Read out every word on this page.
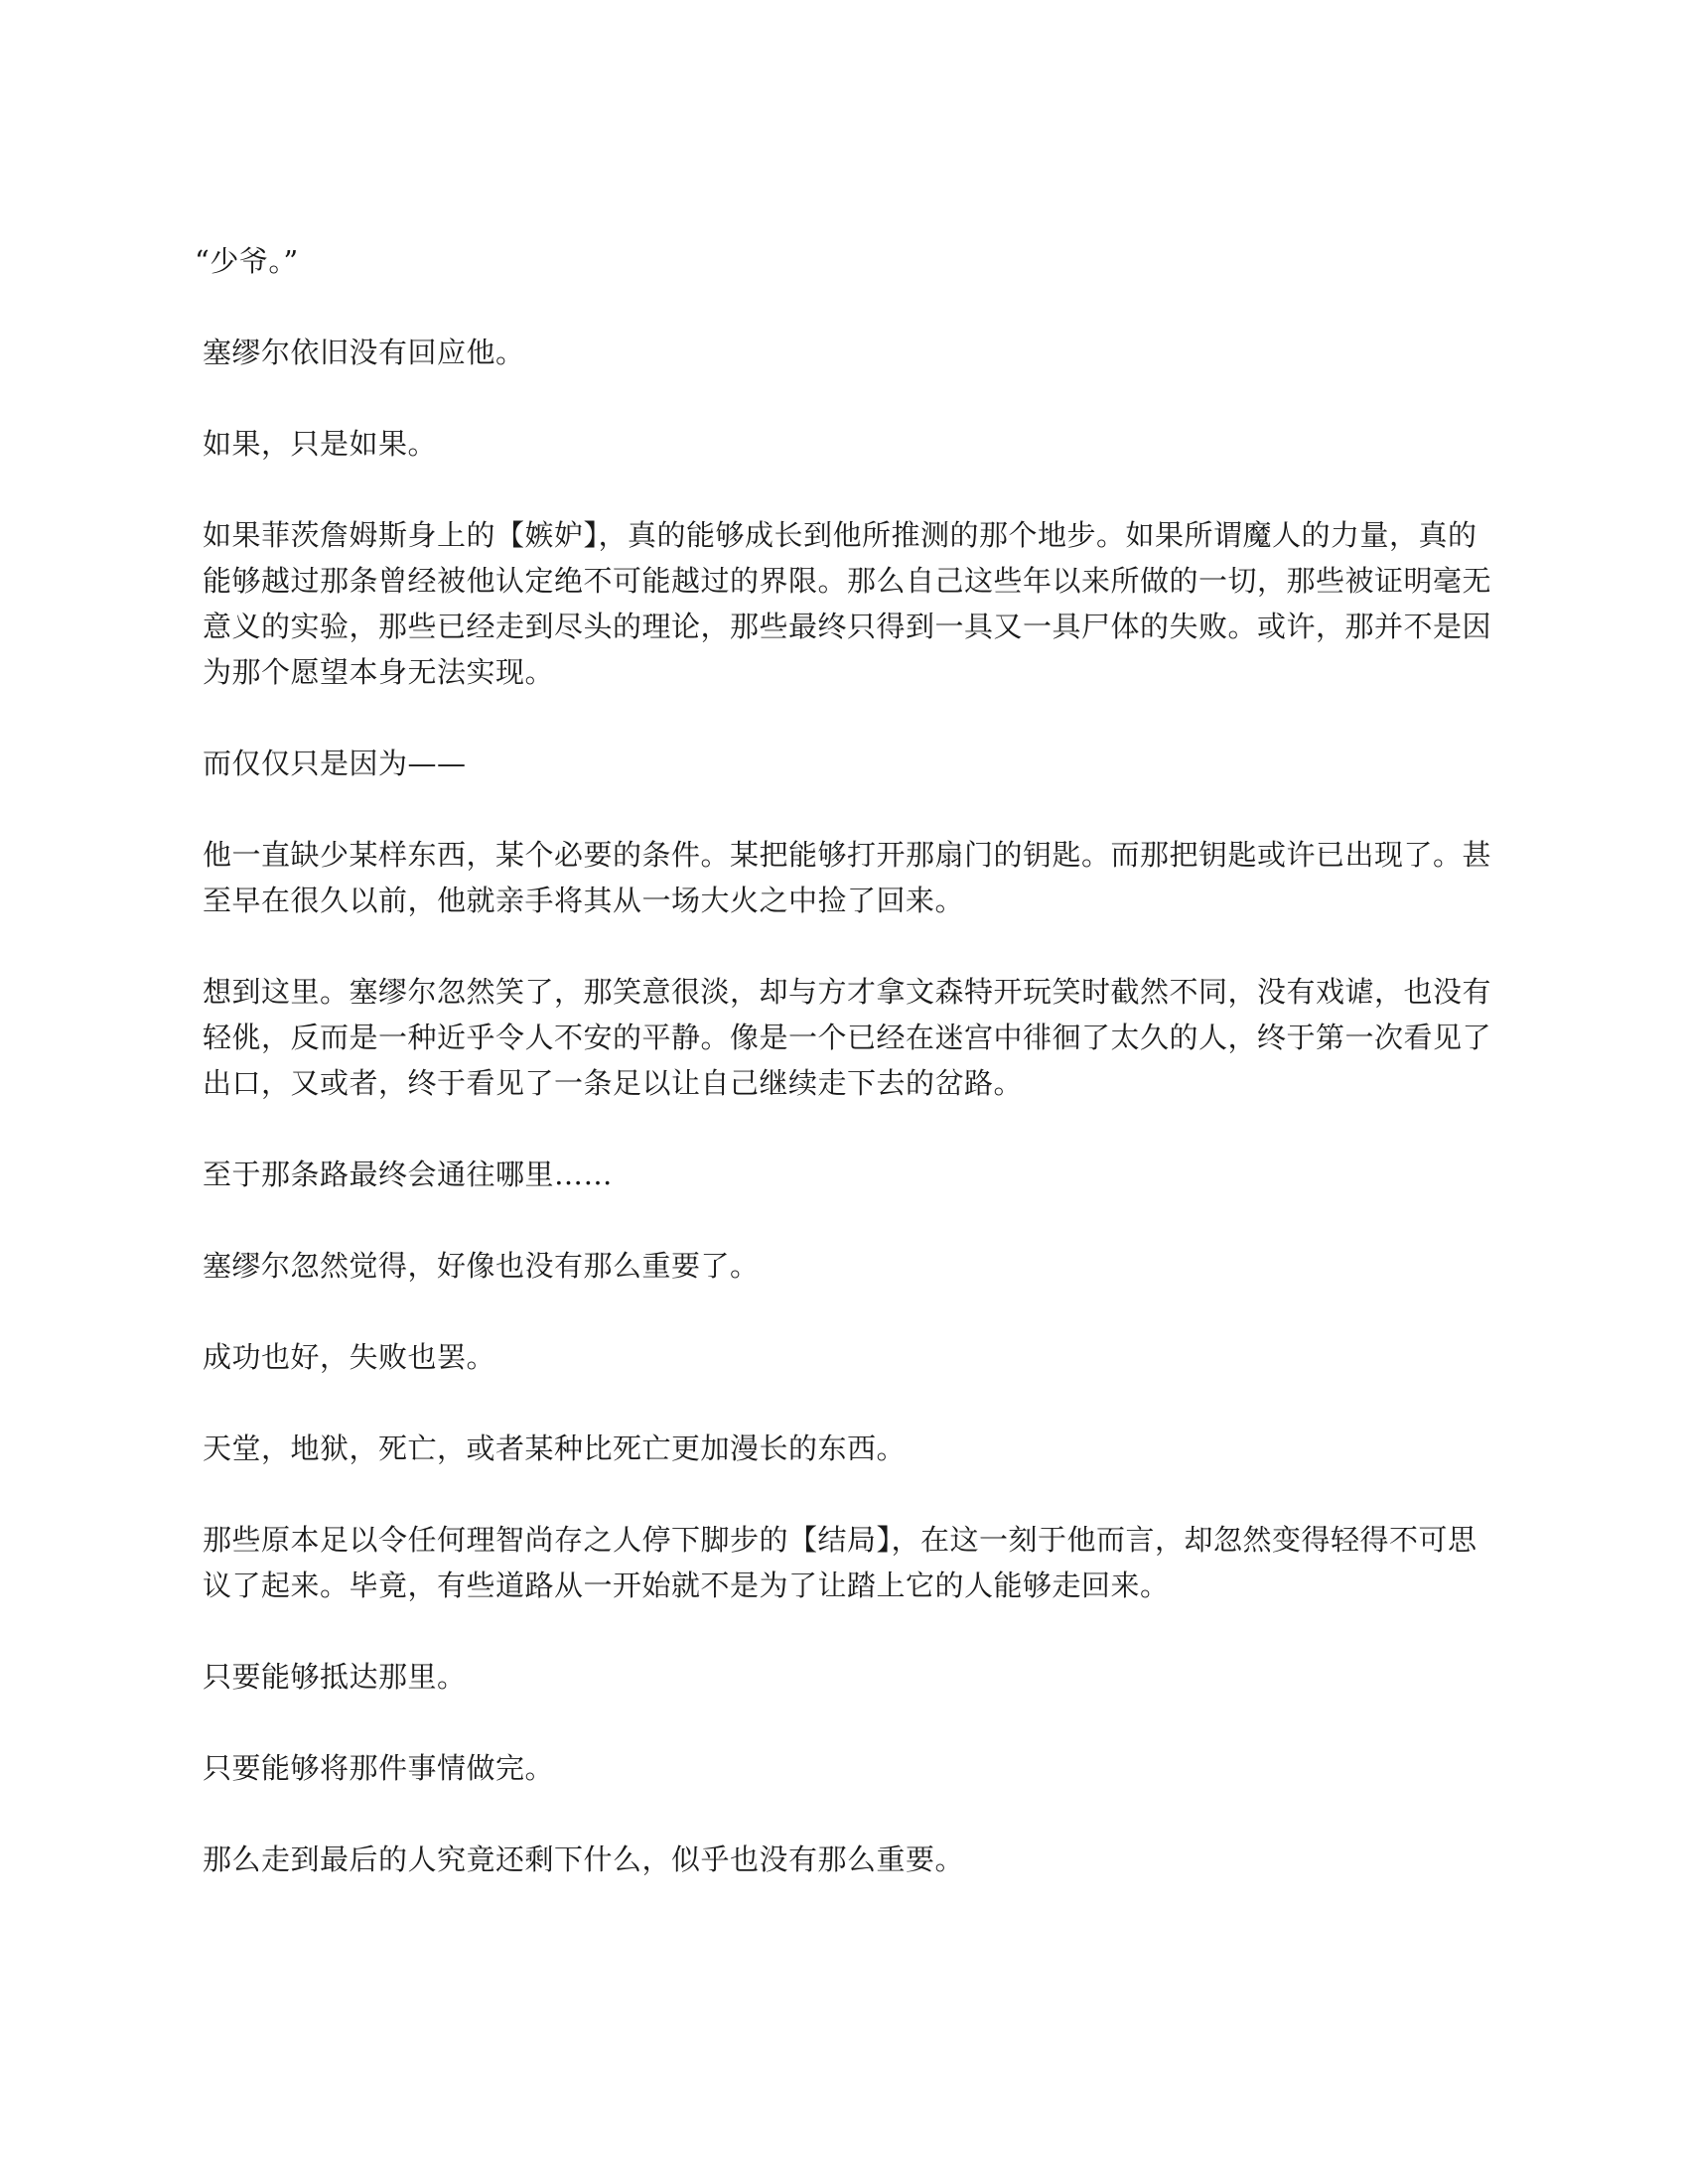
“少爷。”

塞缪尔依旧没有回应他。

如果，只是如果。

如果菲茨詹姆斯身上的【嫉妒】，真的能够成长到他所推测的那个地步。如果所谓魔人的力量，真的能够越过那条曾经被他认定绝不可能越过的界限。那么自己这些年以来所做的一切，那些被证明毫无意义的实验，那些已经走到尽头的理论，那些最终只得到一具又一具尸体的失败。或许，那并不是因为那个愿望本身无法实现。

而仅仅只是因为——

他一直缺少某样东西，某个必要的条件。某把能够打开那扇门的钥匙。而那把钥匙或许已出现了。甚至早在很久以前，他就亲手将其从一场大火之中捡了回来。

想到这里。塞缪尔忽然笑了，那笑意很淡，却与方才拿文森特开玩笑时截然不同，没有戏谑，也没有轻佻，反而是一种近乎令人不安的平静。像是一个已经在迷宫中徘徊了太久的人，终于第一次看见了出口，又或者，终于看见了一条足以让自己继续走下去的岔路。

至于那条路最终会通往哪里……

塞缪尔忽然觉得，好像也没有那么重要了。

成功也好，失败也罢。

天堂，地狱，死亡，或者某种比死亡更加漫长的东西。

那些原本足以令任何理智尚存之人停下脚步的【结局】，在这一刻于他而言，却忽然变得轻得不可思议了起来。毕竟，有些道路从一开始就不是为了让踏上它的人能够走回来。

只要能够抵达那里。

只要能够将那件事情做完。

那么走到最后的人究竟还剩下什么，似乎也没有那么重要。
